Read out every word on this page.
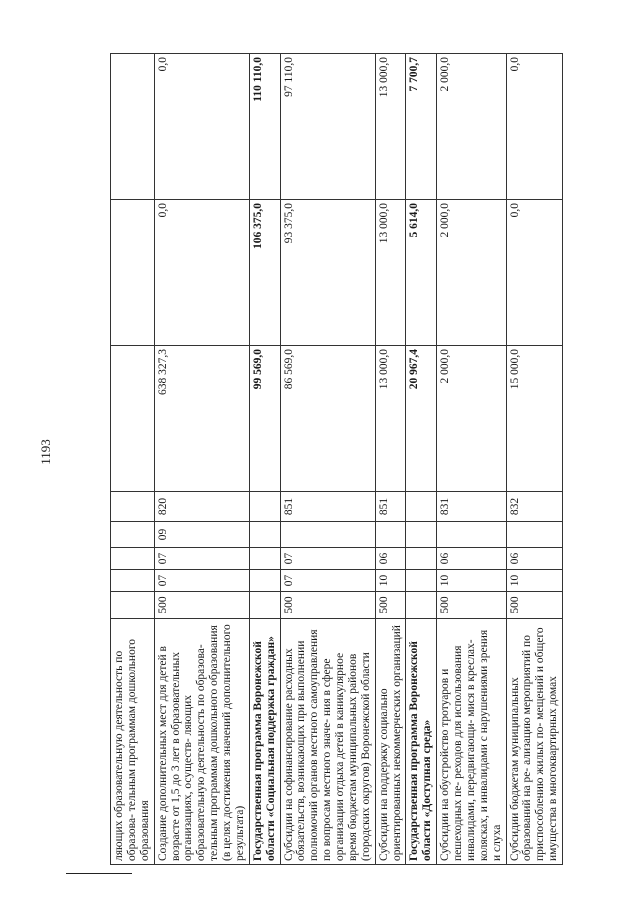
1193
ляющих образовательную деятельность по образова- тельным программам дошкольного образования								
Создание дополнительных мест для детей в возрасте от 1,5 до 3 лет в образовательных организациях, осуществ- ляющих образовательную деятельность по образова- тельным программам дошкольного образования (в целях достижения значений дополнительного результата)	500	07	07	09	820	638 327,3	0,0	0,0
Государственная программа Воронежской области «Социальная поддержка граждан»						99 569,0	106 375,0	110 110,0
Субсидии на софинансирование расходных обязательств, возникающих при выполнении полномочий органов местного самоуправления по вопросам местного значе- ния в сфере организации отдыха детей в каникулярное время бюджетам муниципальных районов (городских округов) Воронежской области	500	07	07		851	86 569,0	93 375,0	97 110,0
Субсидии на поддержку социально ориентированных некоммерческих организаций	500	10	06		851	13 000,0	13 000,0	13 000,0
Государственная программа Воронежской области «Доступная среда»						20 967,4	5 614,0	7 700,7
Субсидии на обустройство тротуаров и пешеходных пе- реходов для использования инвалидами, передвигающи- мися в креслах-колясках, и инвалидами с нарушениями зрения и слуха	500	10	06		831	2 000,0	2 000,0	2 000,0
Субсидии бюджетам муниципальных образований на ре- ализацию мероприятий по приспособлению жилых по- мещений и общего имущества в многоквартирных домах	500	10	06		832	15 000,0	0,0	0,0
